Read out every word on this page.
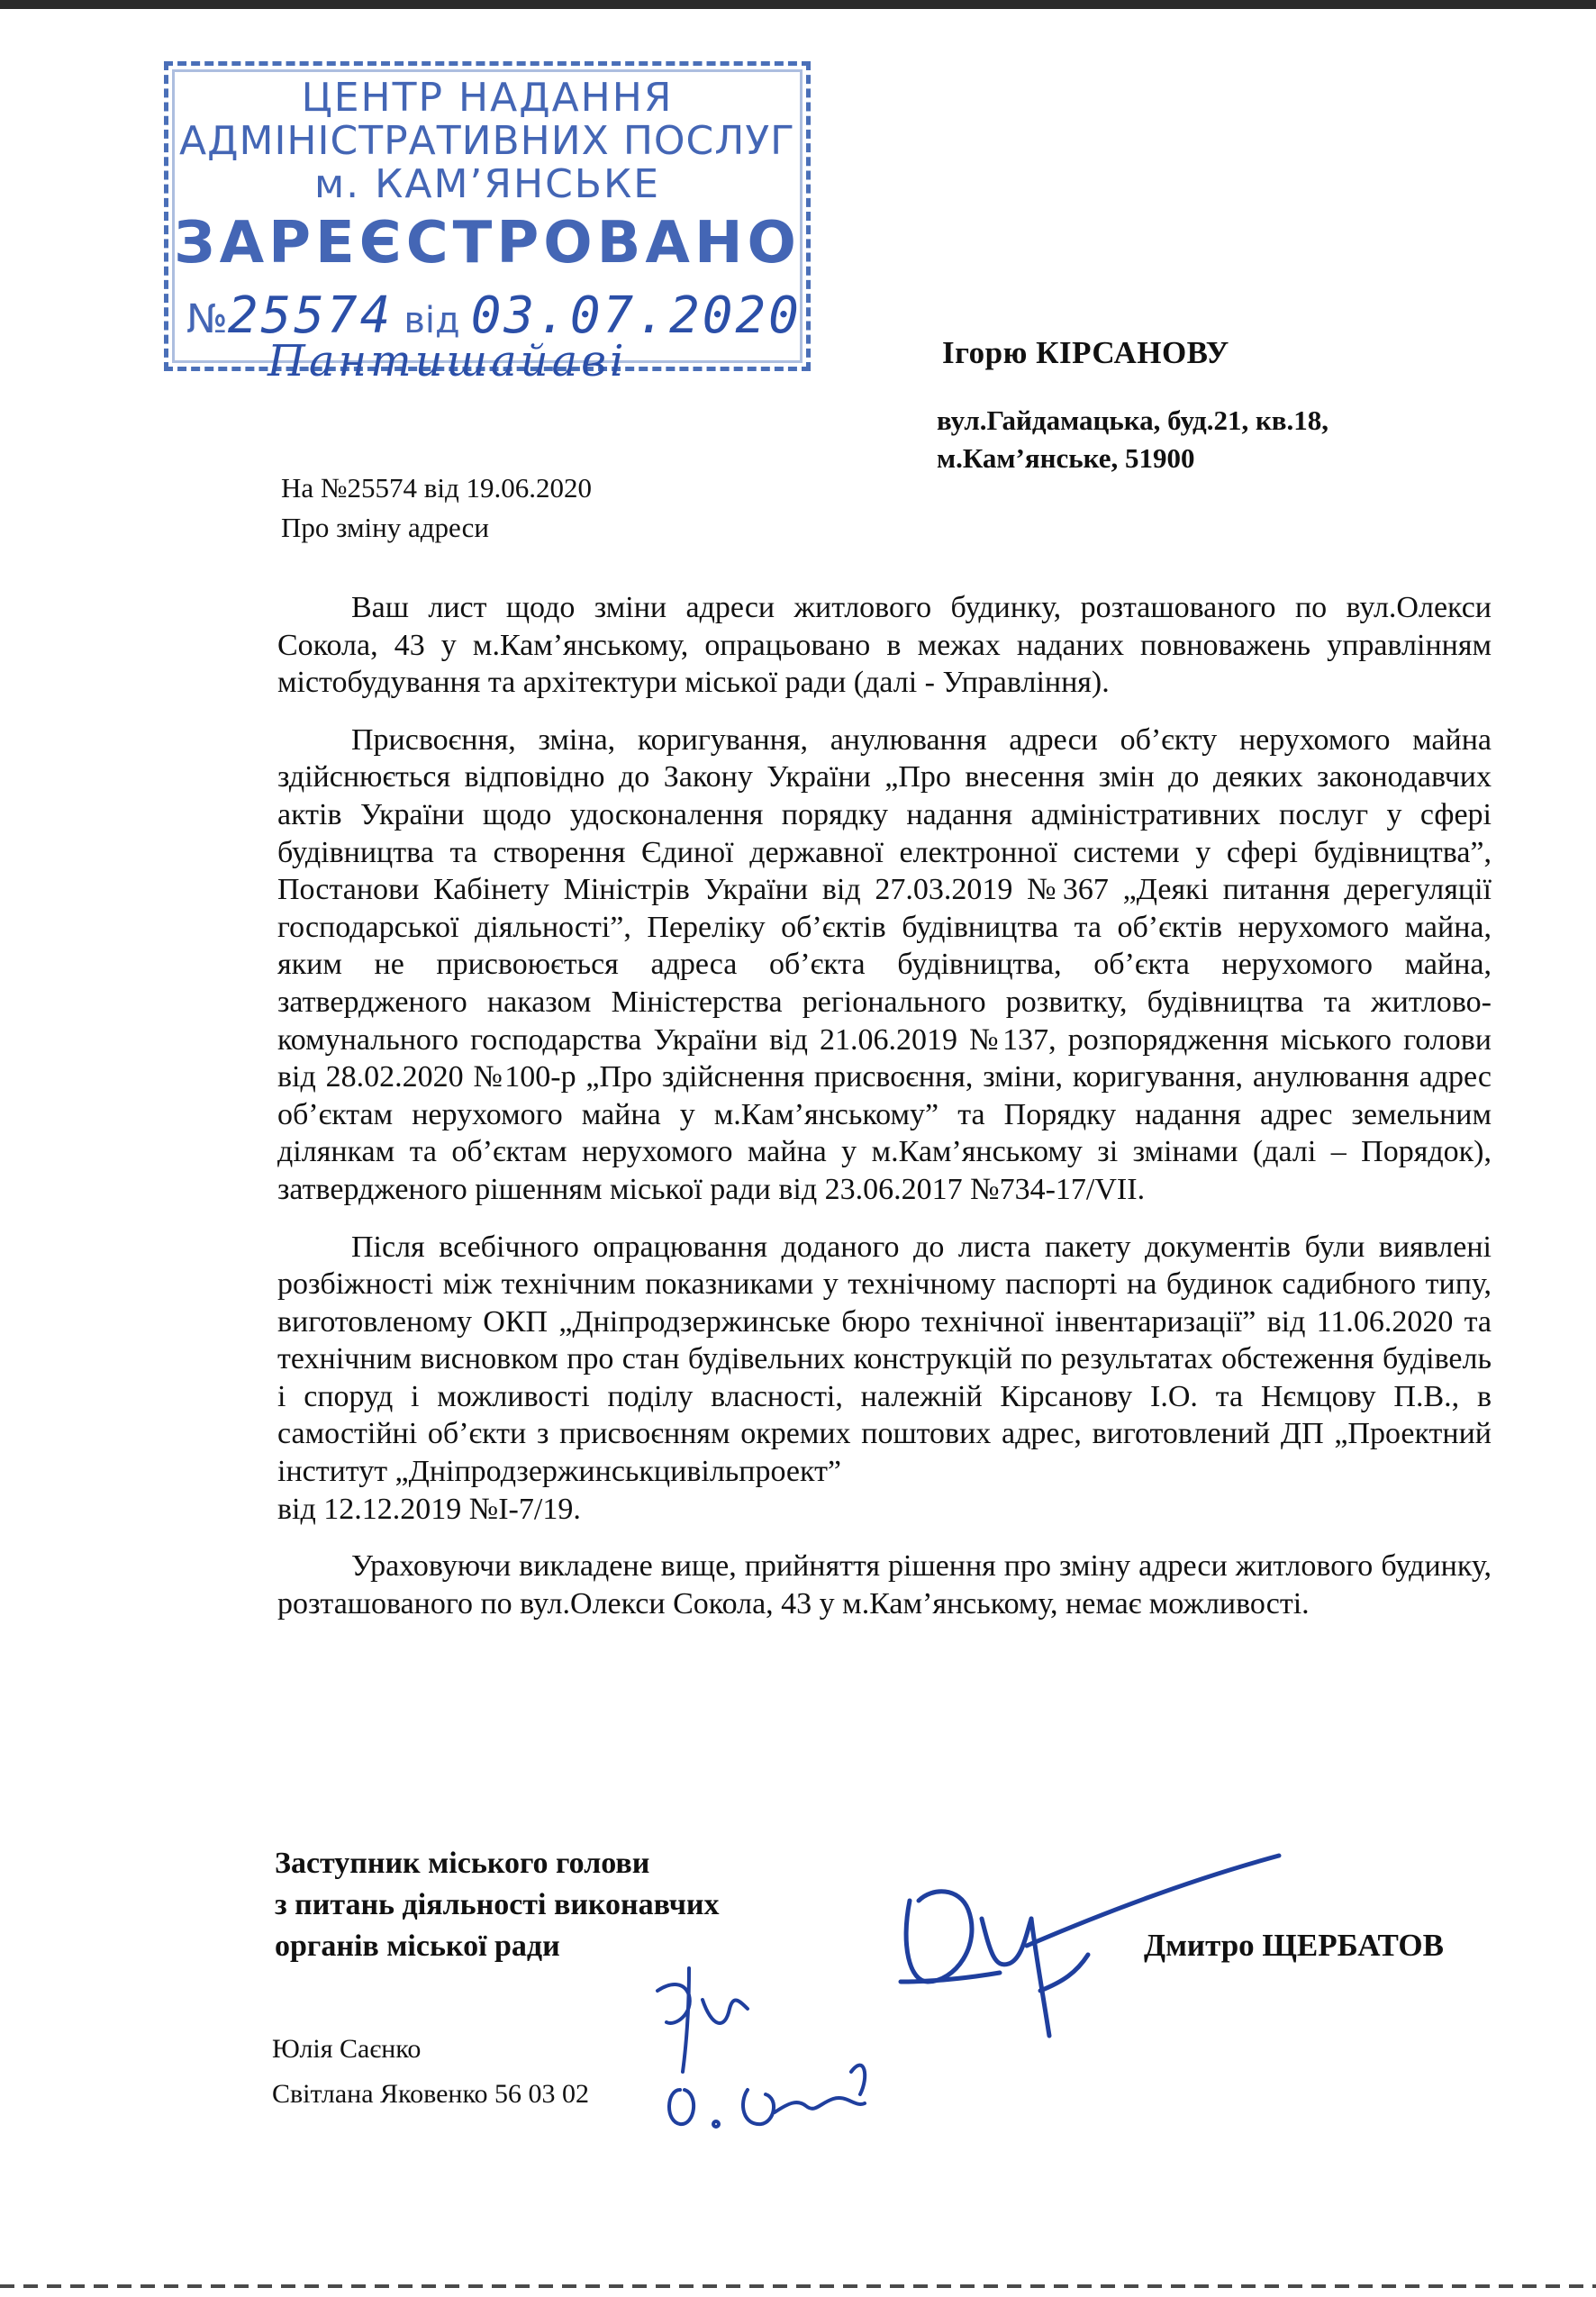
ЦЕНТР НАДАННЯ
АДМІНІСТРАТИВНИХ ПОСЛУГ
м. КАМ’ЯНСЬКЕ
ЗАРЕЄСТРОВАНО
№25574 від 03.07.2020
Пантишайаві	Ігорю КІРСАНОВУ
вул.Гайдамацька, буд.21, кв.18,
м.Кам’янське, 51900
На №25574 від 19.06.2020
Про зміну адреси

Ваш лист щодо зміни адреси житлового будинку, розташованого по вул.Олекси Сокола, 43 у м.Кам’янському, опрацьовано в межах наданих повноважень управлінням містобудування та архітектури міської ради (далі - Управління).

Присвоєння, зміна, коригування, анулювання адреси об’єкту нерухомого майна здійснюється відповідно до Закону України „Про внесення змін до деяких законодавчих актів України щодо удосконалення порядку надання адміністративних послуг у сфері будівництва та створення Єдиної державної електронної системи у сфері будівництва”, Постанови Кабінету Міністрів України від 27.03.2019 №367 „Деякі питання дерегуляції господарської діяльності”, Переліку об’єктів будівництва та об’єктів нерухомого майна, яким не присвоюється адреса об’єкта будівництва, об’єкта нерухомого майна, затвердженого наказом Міністерства регіонального розвитку, будівництва та житлово-комунального господарства України від 21.06.2019 №137, розпорядження міського голови від 28.02.2020 №100-р „Про здійснення присвоєння, зміни, коригування, анулювання адрес об’єктам нерухомого майна у м.Кам’янському” та Порядку надання адрес земельним ділянкам та об’єктам нерухомого майна у м.Кам’янському зі змінами (далі – Порядок), затвердженого рішенням міської ради від 23.06.2017 №734-17/VII.

Після всебічного опрацювання доданого до листа пакету документів були виявлені розбіжності між технічним показниками у технічному паспорті на будинок садибного типу, виготовленому ОКП „Дніпродзержинське бюро технічної інвентаризації” від 11.06.2020 та технічним висновком про стан будівельних конструкцій по результатах обстеження будівель і споруд і можливості поділу власності, належній Кірсанову І.О. та Нємцову П.В., в самостійні об’єкти з присвоєнням окремих поштових адрес, виготовлений ДП „Проектний інститут „Дніпродзержинськцивільпроект”

від 12.12.2019 №І-7/19.

Ураховуючи викладене вище, прийняття рішення про зміну адреси житлового будинку, розташованого по вул.Олекси Сокола, 43 у м.Кам’янському, немає можливості.

Заступник міського голови
з питань діяльності виконавчих
органів міської ради	Дмитро ЩЕРБАТОВ
Юлія Саєнко
Світлана Яковенко 56 03 02
